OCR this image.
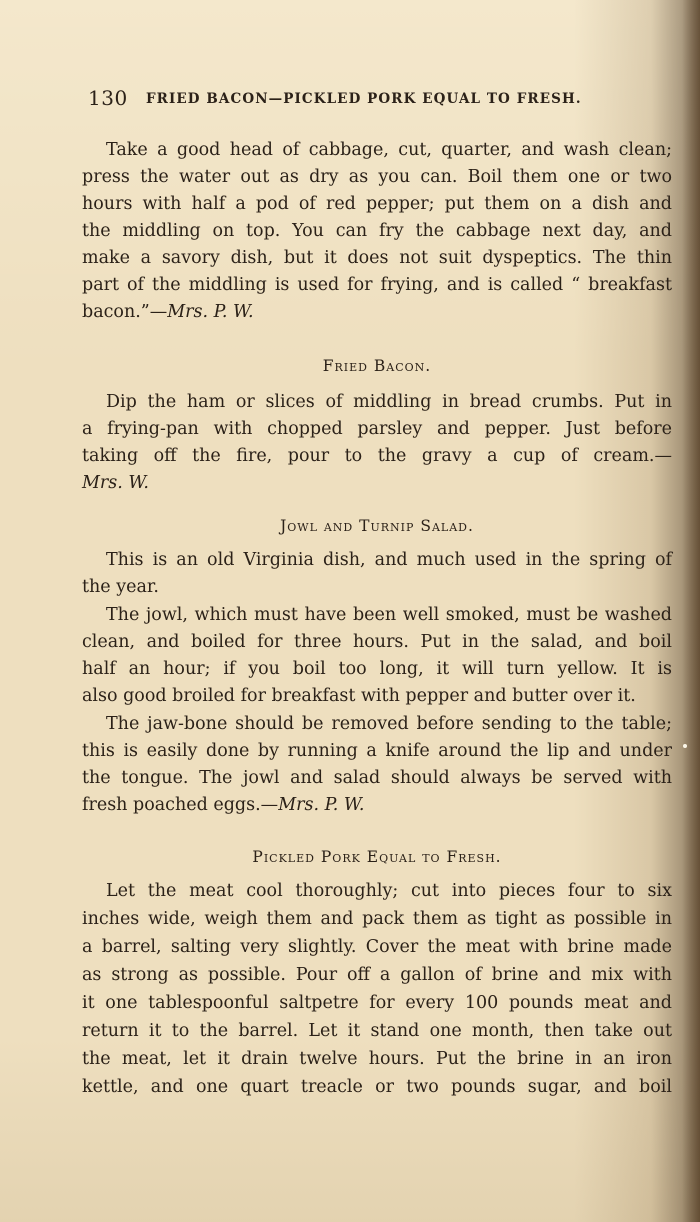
130 FRIED BACON—PICKLED PORK EQUAL TO FRESH.
Take a good head of cabbage, cut, quarter, and wash clean;
press the water out as dry as you can. Boil them one or two
hours with half a pod of red pepper; put them on a dish and
the middling on top. You can fry the cabbage next day, and
make a savory dish, but it does not suit dyspeptics. The thin
part of the middling is used for frying, and is called “ breakfast
bacon.”—Mrs. P. W.
Fried Bacon.
Dip the ham or slices of middling in bread crumbs. Put in
a frying-pan with chopped parsley and pepper. Just before
taking off the fire, pour to the gravy a cup of cream.—
Mrs. W.
Jowl and Turnip Salad.
This is an old Virginia dish, and much used in the spring of
the year.
The jowl, which must have been well smoked, must be washed
clean, and boiled for three hours. Put in the salad, and boil
half an hour; if you boil too long, it will turn yellow. It is
also good broiled for breakfast with pepper and butter over it.
The jaw-bone should be removed before sending to the table;
this is easily done by running a knife around the lip and under
the tongue. The jowl and salad should always be served with
fresh poached eggs.—Mrs. P. W.
Pickled Pork Equal to Fresh.
Let the meat cool thoroughly; cut into pieces four to six
inches wide, weigh them and pack them as tight as possible in
a barrel, salting very slightly. Cover the meat with brine made
as strong as possible. Pour off a gallon of brine and mix with
it one tablespoonful saltpetre for every 100 pounds meat and
return it to the barrel. Let it stand one month, then take out
the meat, let it drain twelve hours. Put the brine in an iron
kettle, and one quart treacle or two pounds sugar, and boil
